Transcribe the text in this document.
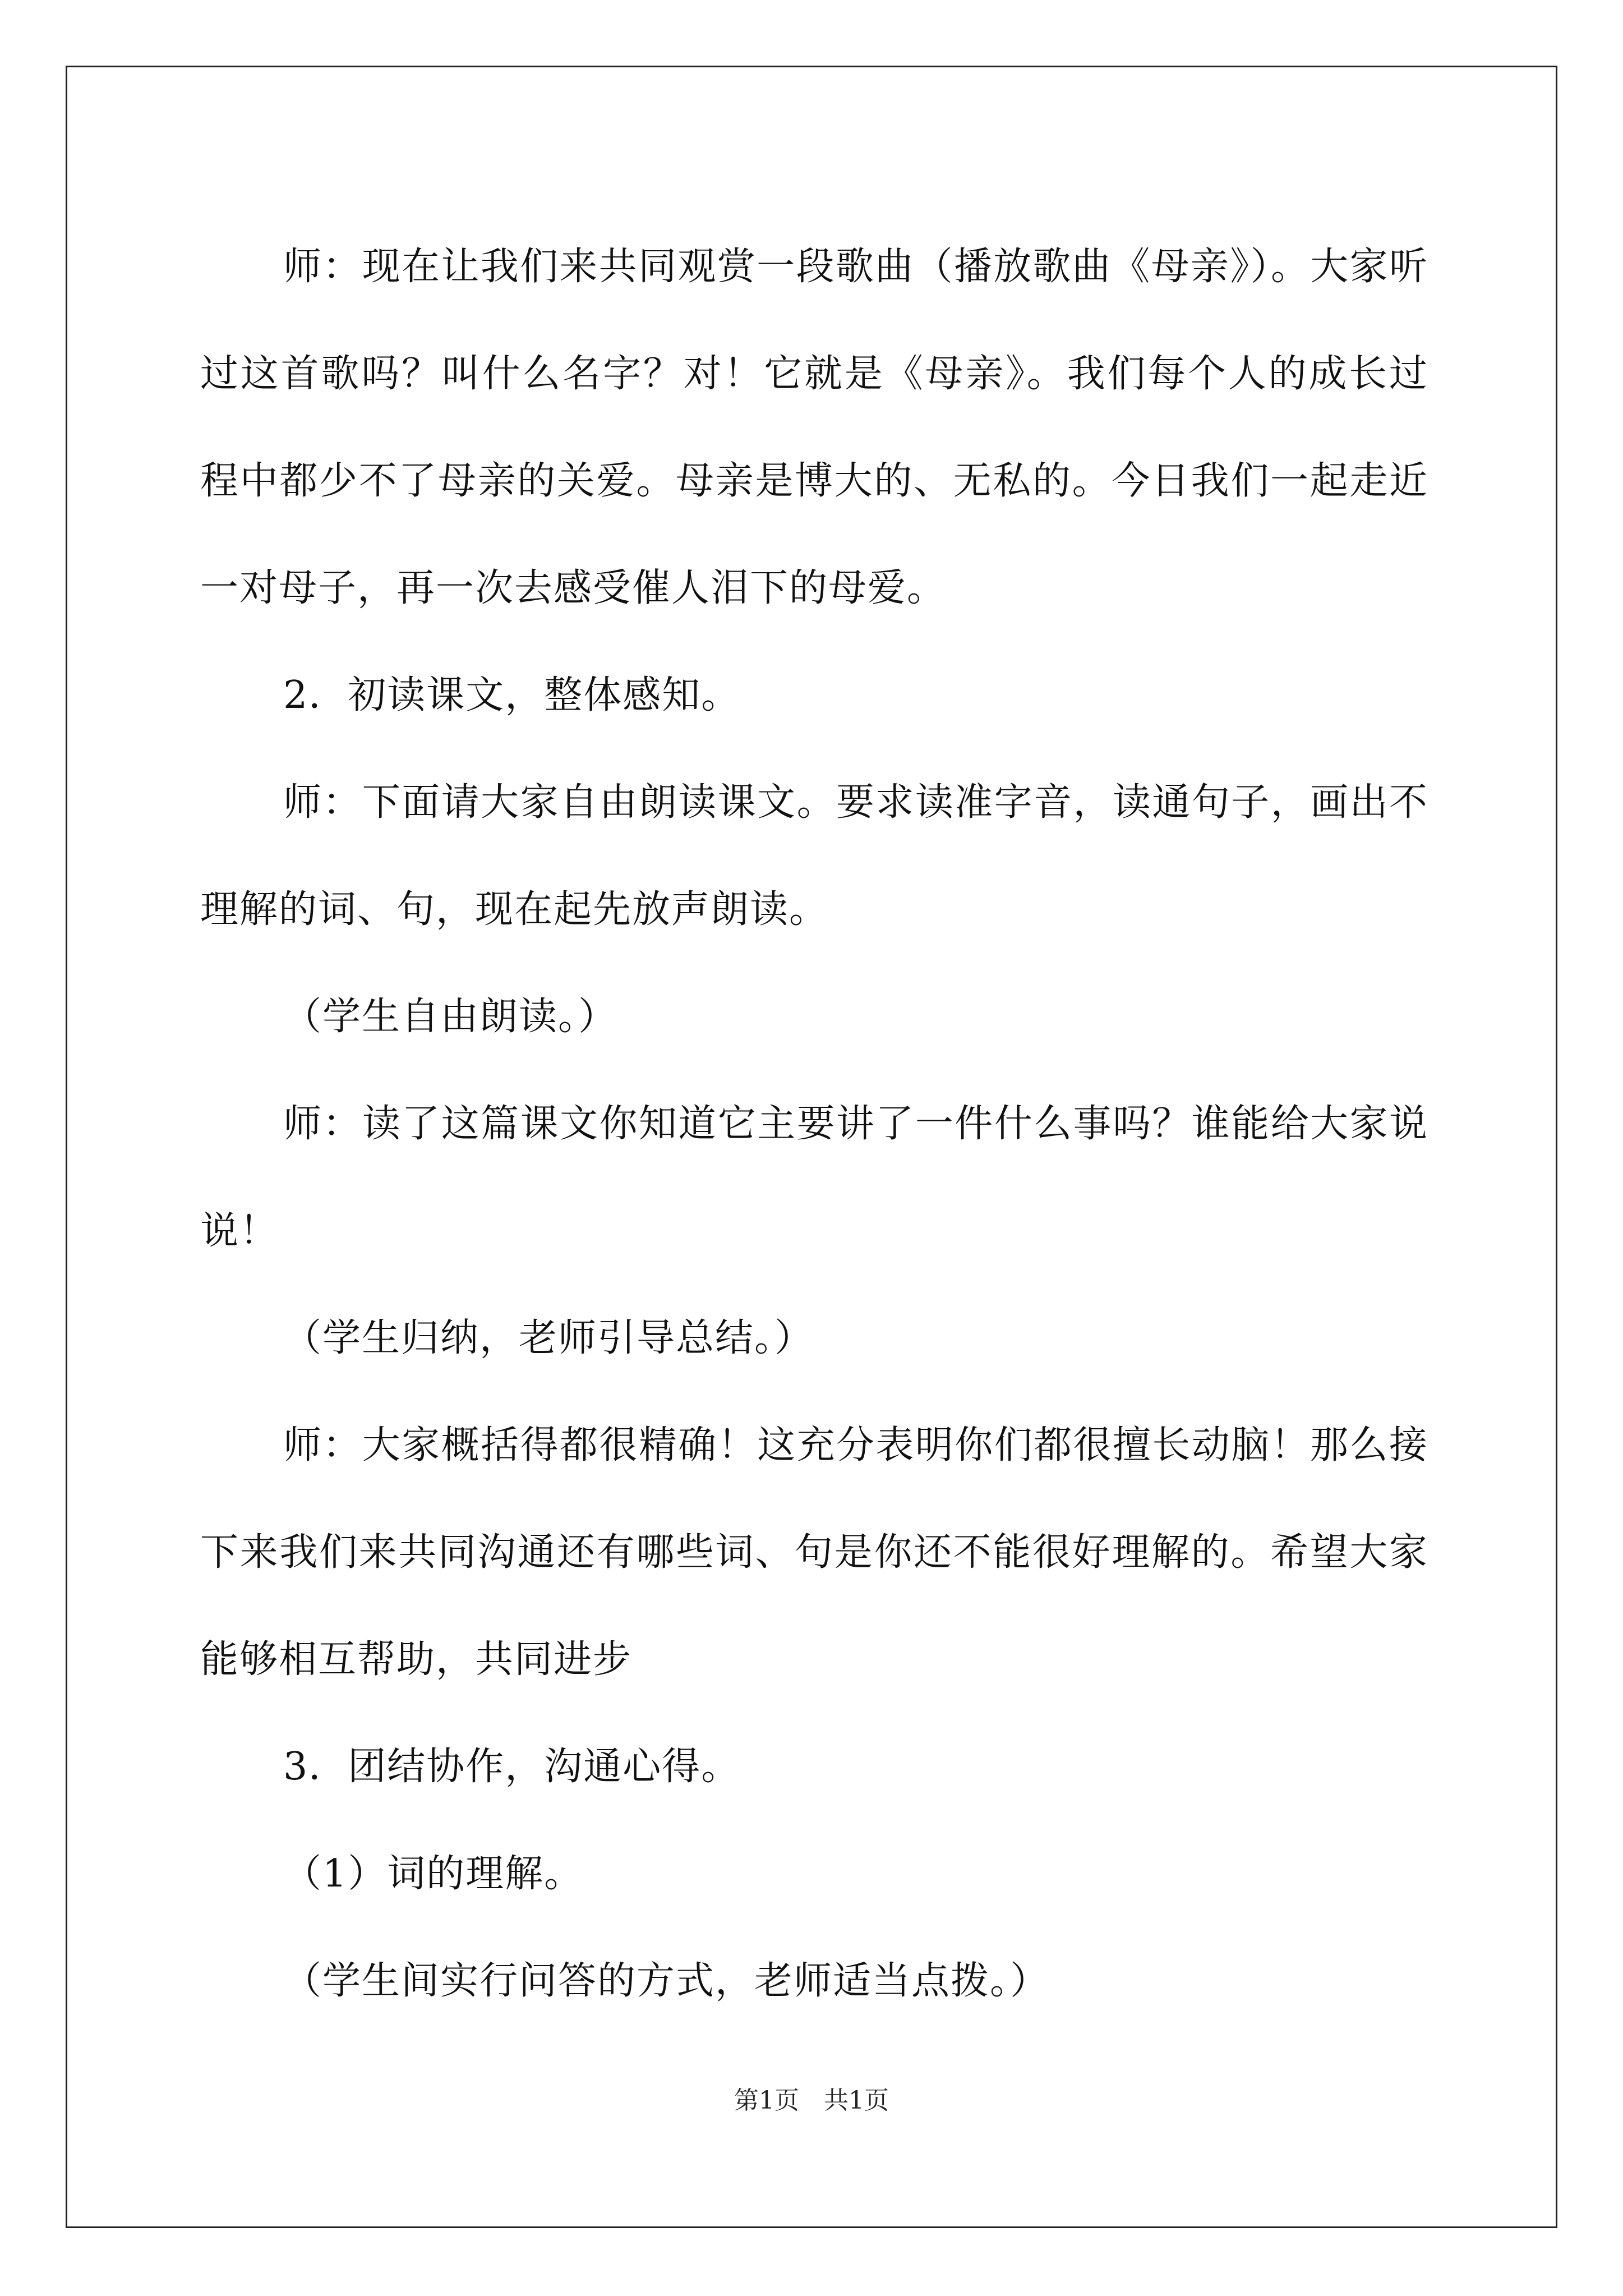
师：现在让我们来共同观赏一段歌曲（播放歌曲《母亲》）。大家听过这首歌吗？叫什么名字？对！它就是《母亲》。我们每个人的成长过程中都少不了母亲的关爱。母亲是博大的、无私的。今日我们一起走近一对母子，再一次去感受催人泪下的母爱。

2．初读课文，整体感知。

师：下面请大家自由朗读课文。要求读准字音，读通句子，画出不理解的词、句，现在起先放声朗读。

（学生自由朗读。）

师：读了这篇课文你知道它主要讲了一件什么事吗？谁能给大家说说！

（学生归纳，老师引导总结。）

师：大家概括得都很精确！这充分表明你们都很擅长动脑！那么接下来我们来共同沟通还有哪些词、句是你还不能很好理解的。希望大家能够相互帮助，共同进步

3．团结协作，沟通心得。

（1）词的理解。

（学生间实行问答的方式，老师适当点拨。）

第1页 共1页
